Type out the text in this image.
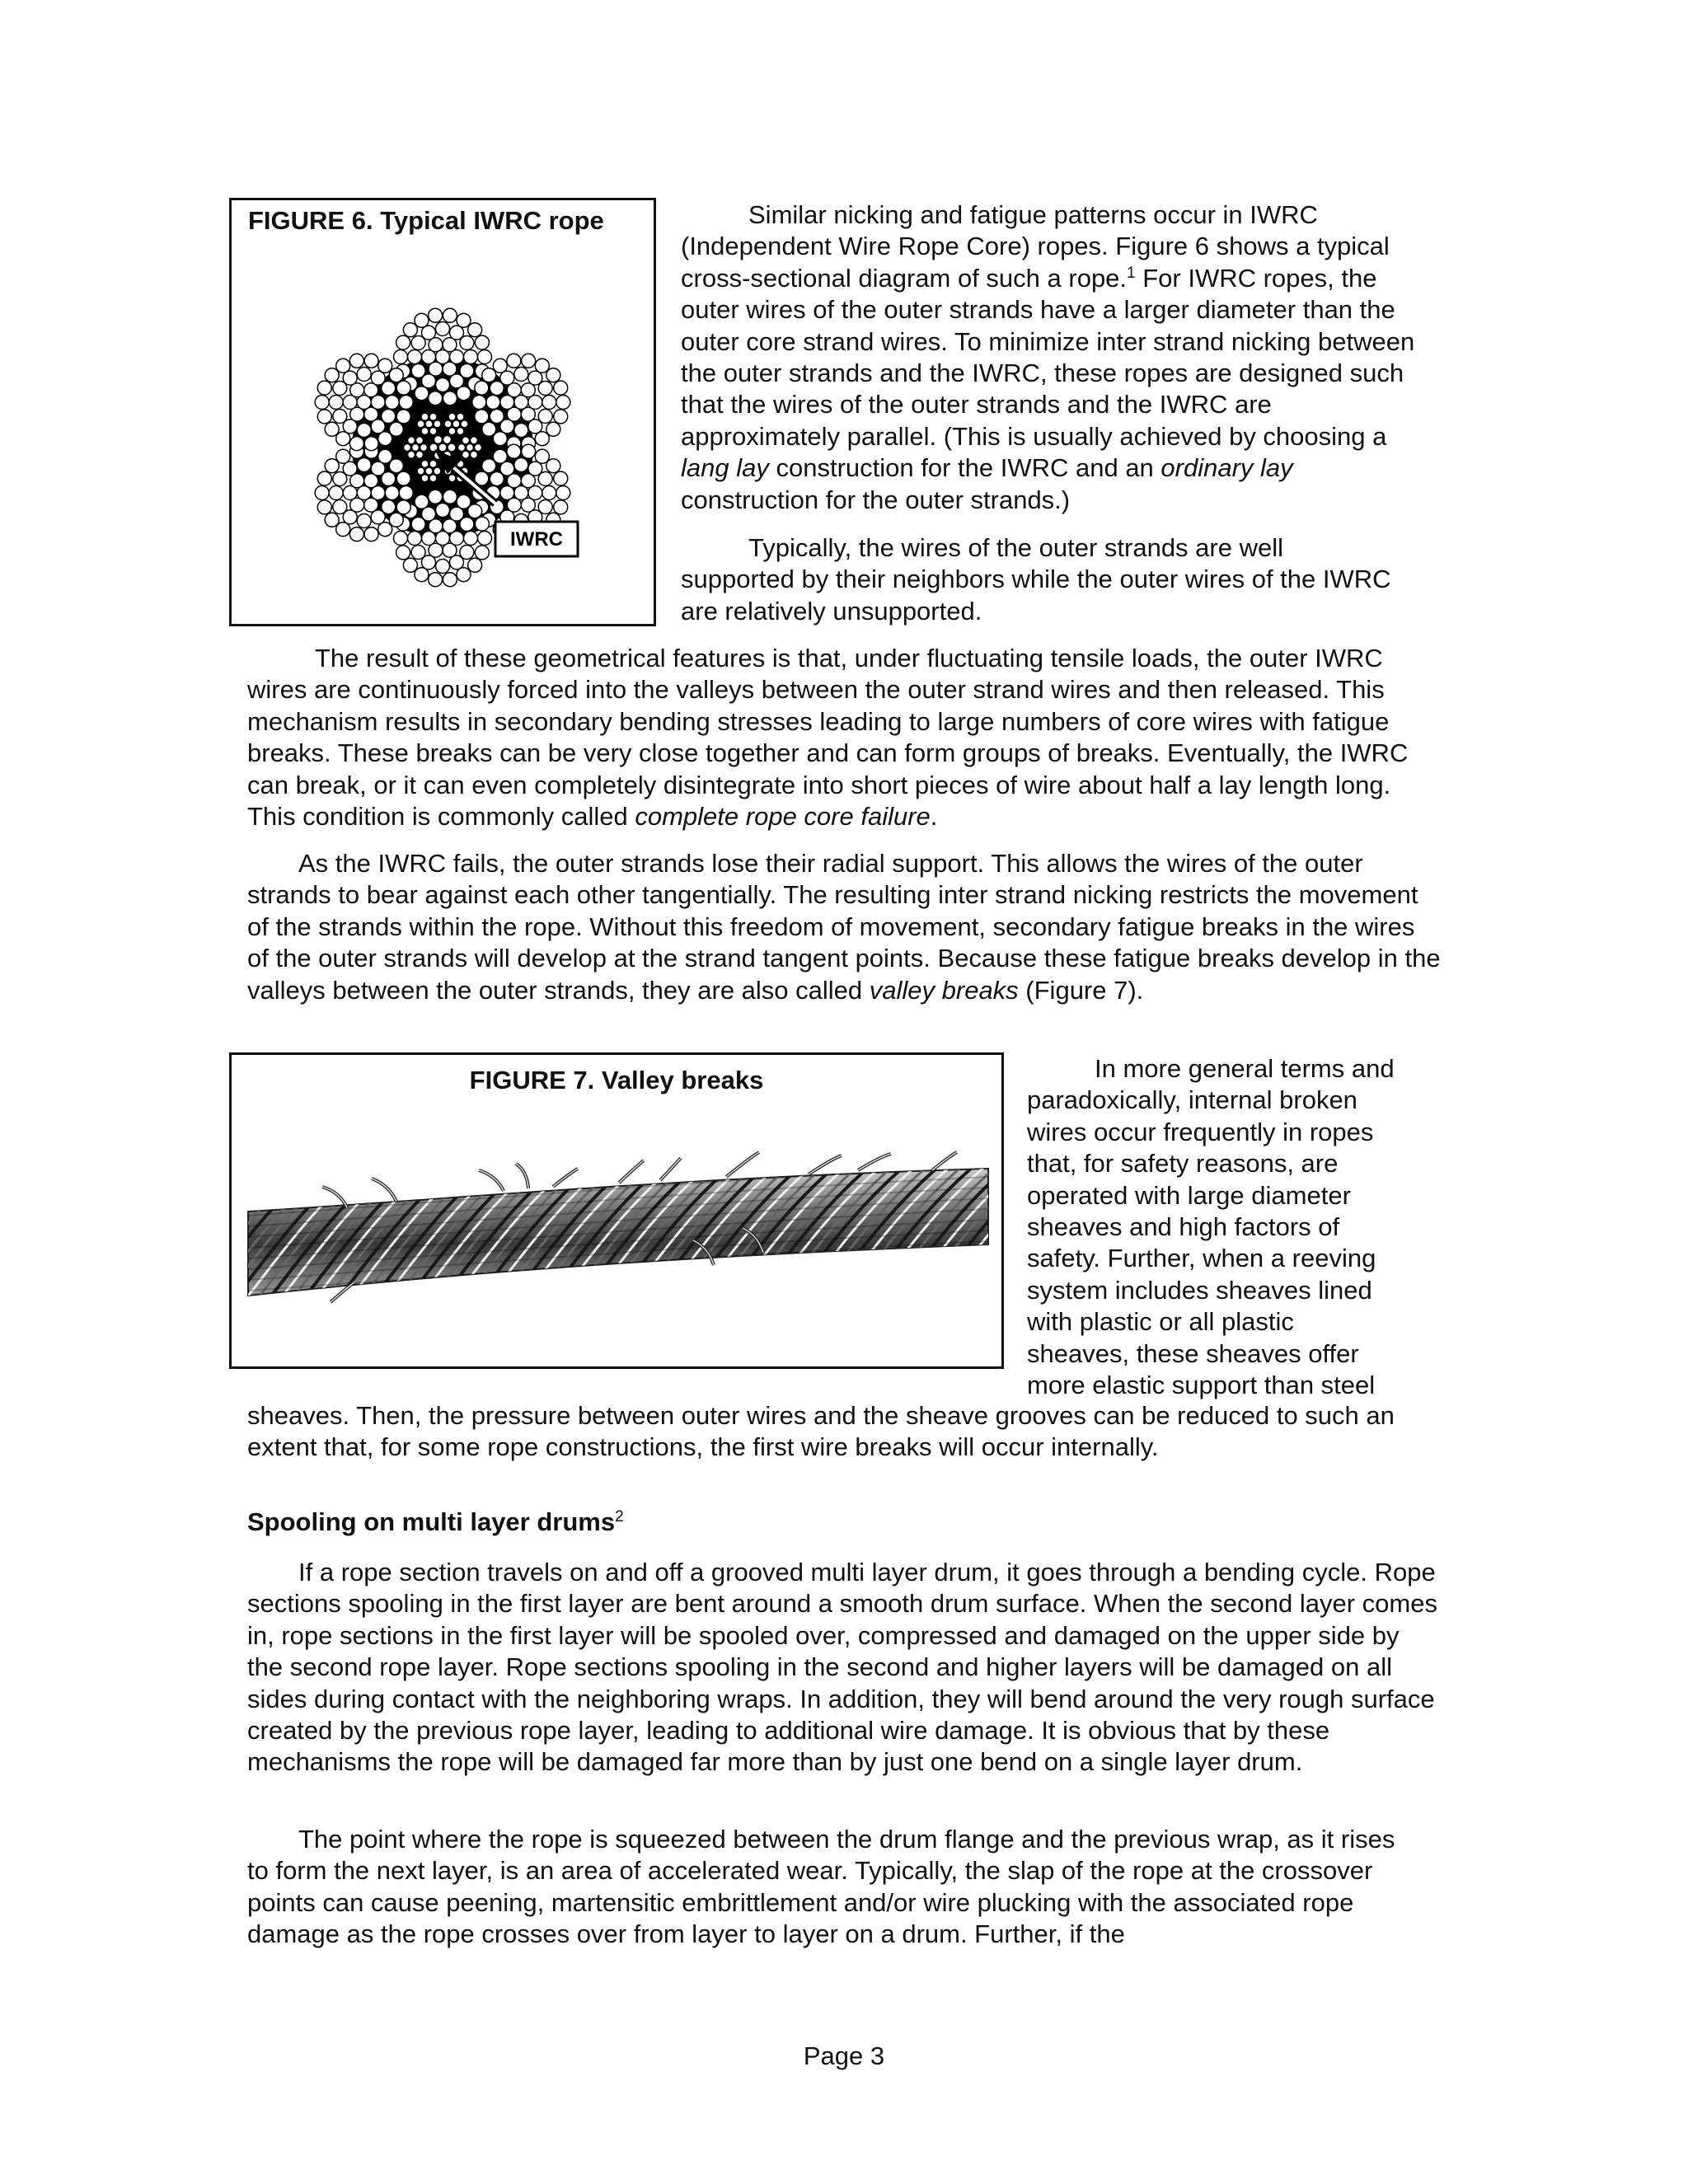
FIGURE 6. Typical IWRC rope
IWRC
Similar nicking and fatigue patterns occur in IWRC (Independent Wire Rope Core) ropes. Figure 6 shows a typical cross-sectional diagram of such a rope.$^1$ For IWRC ropes, the outer wires of the outer strands have a larger diameter than the outer core strand wires. To minimize inter strand nicking between the outer strands and the IWRC, these ropes are designed such that the wires of the outer strands and the IWRC are approximately parallel. (This is usually achieved by choosing a lang lay construction for the IWRC and an ordinary lay construction for the outer strands.)
Typically, the wires of the outer strands are well supported by their neighbors while the outer wires of the IWRC are relatively unsupported.
The result of these geometrical features is that, under fluctuating tensile loads, the outer IWRC wires are continuously forced into the valleys between the outer strand wires and then released. This mechanism results in secondary bending stresses leading to large numbers of core wires with fatigue breaks. These breaks can be very close together and can form groups of breaks. Eventually, the IWRC can break, or it can even completely disintegrate into short pieces of wire about half a lay length long. This condition is commonly called complete rope core failure.
As the IWRC fails, the outer strands lose their radial support. This allows the wires of the outer strands to bear against each other tangentially. The resulting inter strand nicking restricts the movement of the strands within the rope. Without this freedom of movement, secondary fatigue breaks in the wires of the outer strands will develop at the strand tangent points. Because these fatigue breaks develop in the valleys between the outer strands, they are also called valley breaks (Figure 7).
FIGURE 7. Valley breaks	In more general terms and
paradoxically, internal broken
wires occur frequently in ropes
that, for safety reasons, are
operated with large diameter
sheaves and high factors of
safety. Further, when a reeving
system includes sheaves lined
with plastic or all plastic
sheaves, these sheaves offer
more elastic support than steel
sheaves. Then, the pressure between outer wires and the sheave grooves can be reduced to such an extent that, for some rope constructions, the first wire breaks will occur internally.
Spooling on multi layer drums$^2$
If a rope section travels on and off a grooved multi layer drum, it goes through a bending cycle. Rope sections spooling in the first layer are bent around a smooth drum surface. When the second layer comes in, rope sections in the first layer will be spooled over, compressed and damaged on the upper side by the second rope layer. Rope sections spooling in the second and higher layers will be damaged on all sides during contact with the neighboring wraps. In addition, they will bend around the very rough surface created by the previous rope layer, leading to additional wire damage. It is obvious that by these mechanisms the rope will be damaged far more than by just one bend on a single layer drum.
The point where the rope is squeezed between the drum flange and the previous wrap, as it rises to form the next layer, is an area of accelerated wear. Typically, the slap of the rope at the crossover points can cause peening, martensitic embrittlement and/or wire plucking with the associated rope damage as the rope crosses over from layer to layer on a drum. Further, if the
Page 3
